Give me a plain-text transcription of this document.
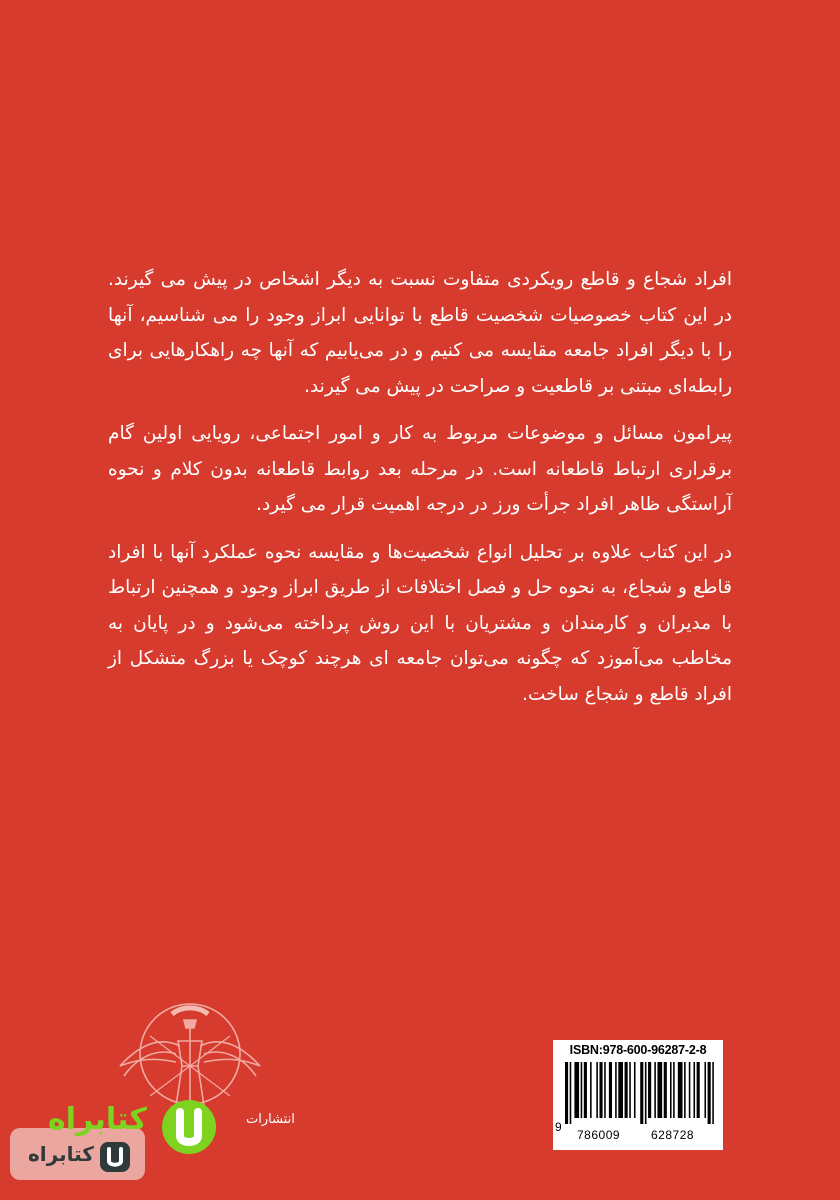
افراد شجاع و قاطع رویکردی متفاوت نسبت به دیگر اشخاص در پیش می گیرند. در این کتاب خصوصیات شخصیت قاطع با توانایی ابراز وجود را می شناسیم، آنها را با دیگر افراد جامعه مقایسه می کنیم و در می‌یابیم که آنها چه راهکارهایی برای رابطه‌ای مبتنی بر قاطعیت و صراحت در پیش می گیرند.

پیرامون مسائل و موضوعات مربوط به کار و امور اجتماعی، رویایی اولین گام برقراری ارتباط قاطعانه است. در مرحله بعد روابط قاطعانه بدون کلام و نحوه آراستگی ظاهر افراد جرأت ورز در درجه اهمیت قرار می گیرد.

در این کتاب علاوه بر تحلیل انواع شخصیت‌ها و مقایسه نحوه عملکرد آنها با افراد قاطع و شجاع، به نحوه حل و فصل اختلافات از طریق ابراز وجود و همچنین ارتباط با مدیران و کارمندان و مشتریان با این روش پرداخته می‌شود و در پایان به مخاطب می‌آموزد که چگونه می‌توان جامعه ای هرچند کوچک یا بزرگ متشکل از افراد قاطع و شجاع ساخت.

انتشارات
ISBN:978-600-96287-2-8
9
786009	628728
کتابراه
کتابراه
